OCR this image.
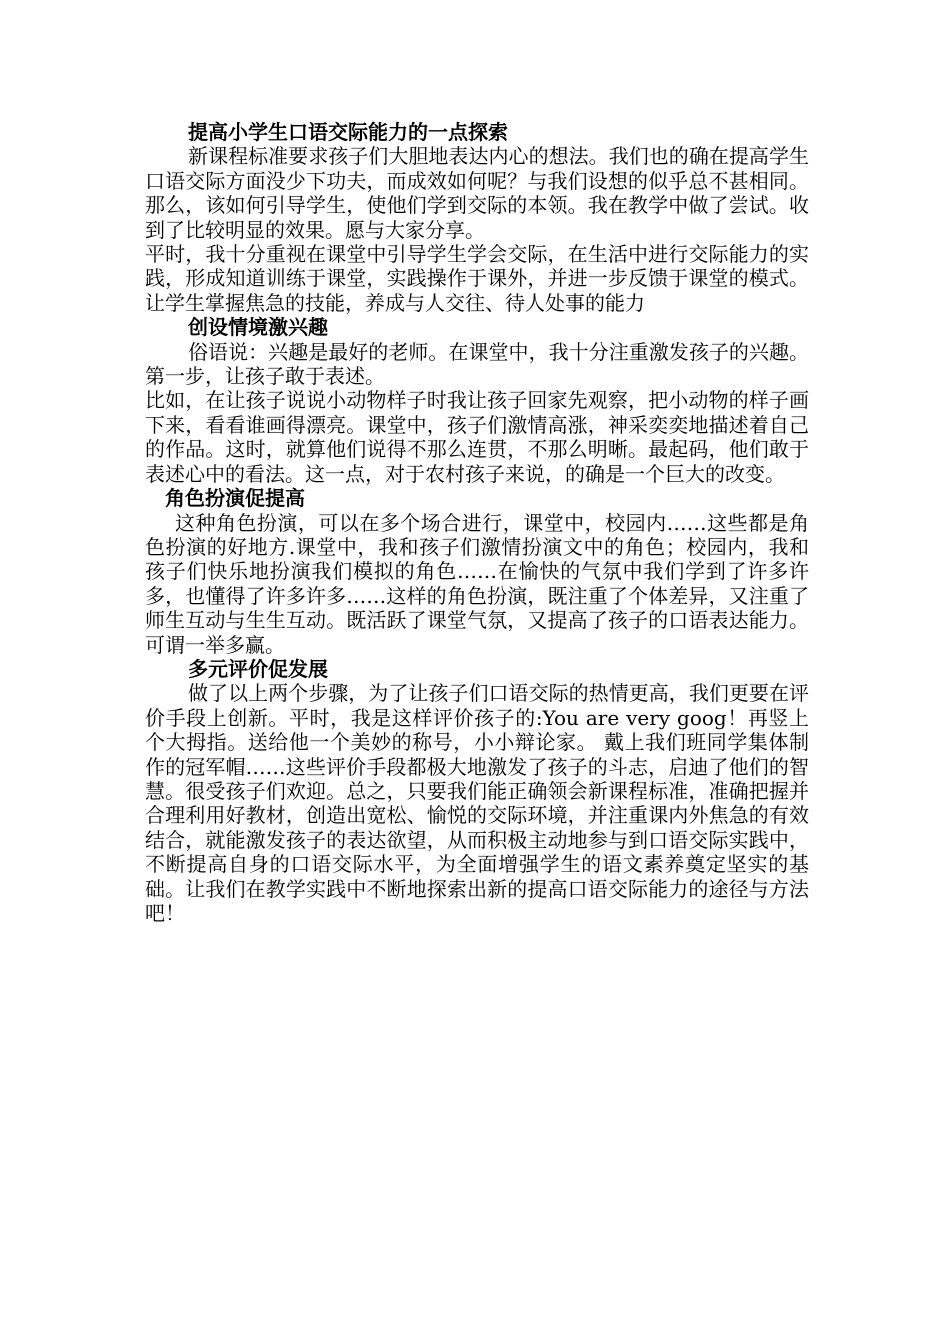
提高小学生口语交际能力的一点探索

新课程标准要求孩子们大胆地表达内心的想法。我们也的确在提高学生口语交际方面没少下功夫，而成效如何呢？与我们设想的似乎总不甚相同。那么，该如何引导学生，使他们学到交际的本领。我在教学中做了尝试。收到了比较明显的效果。愿与大家分享。

平时，我十分重视在课堂中引导学生学会交际，在生活中进行交际能力的实践，形成知道训练于课堂，实践操作于课外，并进一步反馈于课堂的模式。让学生掌握焦急的技能，养成与人交往、待人处事的能力

创设情境激兴趣

俗语说：兴趣是最好的老师。在课堂中，我十分注重激发孩子的兴趣。第一步，让孩子敢于表述。

比如，在让孩子说说小动物样子时我让孩子回家先观察，把小动物的样子画下来，看看谁画得漂亮。课堂中，孩子们激情高涨，神采奕奕地描述着自己的作品。这时，就算他们说得不那么连贯，不那么明晰。最起码，他们敢于表述心中的看法。这一点，对于农村孩子来说，的确是一个巨大的改变。

角色扮演促提高

这种角色扮演，可以在多个场合进行，课堂中，校园内……这些都是角色扮演的好地方.课堂中，我和孩子们激情扮演文中的角色；校园内，我和孩子们快乐地扮演我们模拟的角色……在愉快的气氛中我们学到了许多许多，也懂得了许多许多……这样的角色扮演，既注重了个体差异，又注重了师生互动与生生互动。既活跃了课堂气氛，又提高了孩子的口语表达能力。可谓一举多赢。

多元评价促发展

做了以上两个步骤，为了让孩子们口语交际的热情更高，我们更要在评价手段上创新。平时，我是这样评价孩子的:You are very goog！再竖上个大拇指。送给他一个美妙的称号，小小辩论家。 戴上我们班同学集体制作的冠军帽……这些评价手段都极大地激发了孩子的斗志，启迪了他们的智慧。很受孩子们欢迎。总之，只要我们能正确领会新课程标准，准确把握并合理利用好教材，创造出宽松、愉悦的交际环境，并注重课内外焦急的有效结合，就能激发孩子的表达欲望，从而积极主动地参与到口语交际实践中，不断提高自身的口语交际水平，为全面增强学生的语文素养奠定坚实的基础。让我们在教学实践中不断地探索出新的提高口语交际能力的途径与方法吧！
